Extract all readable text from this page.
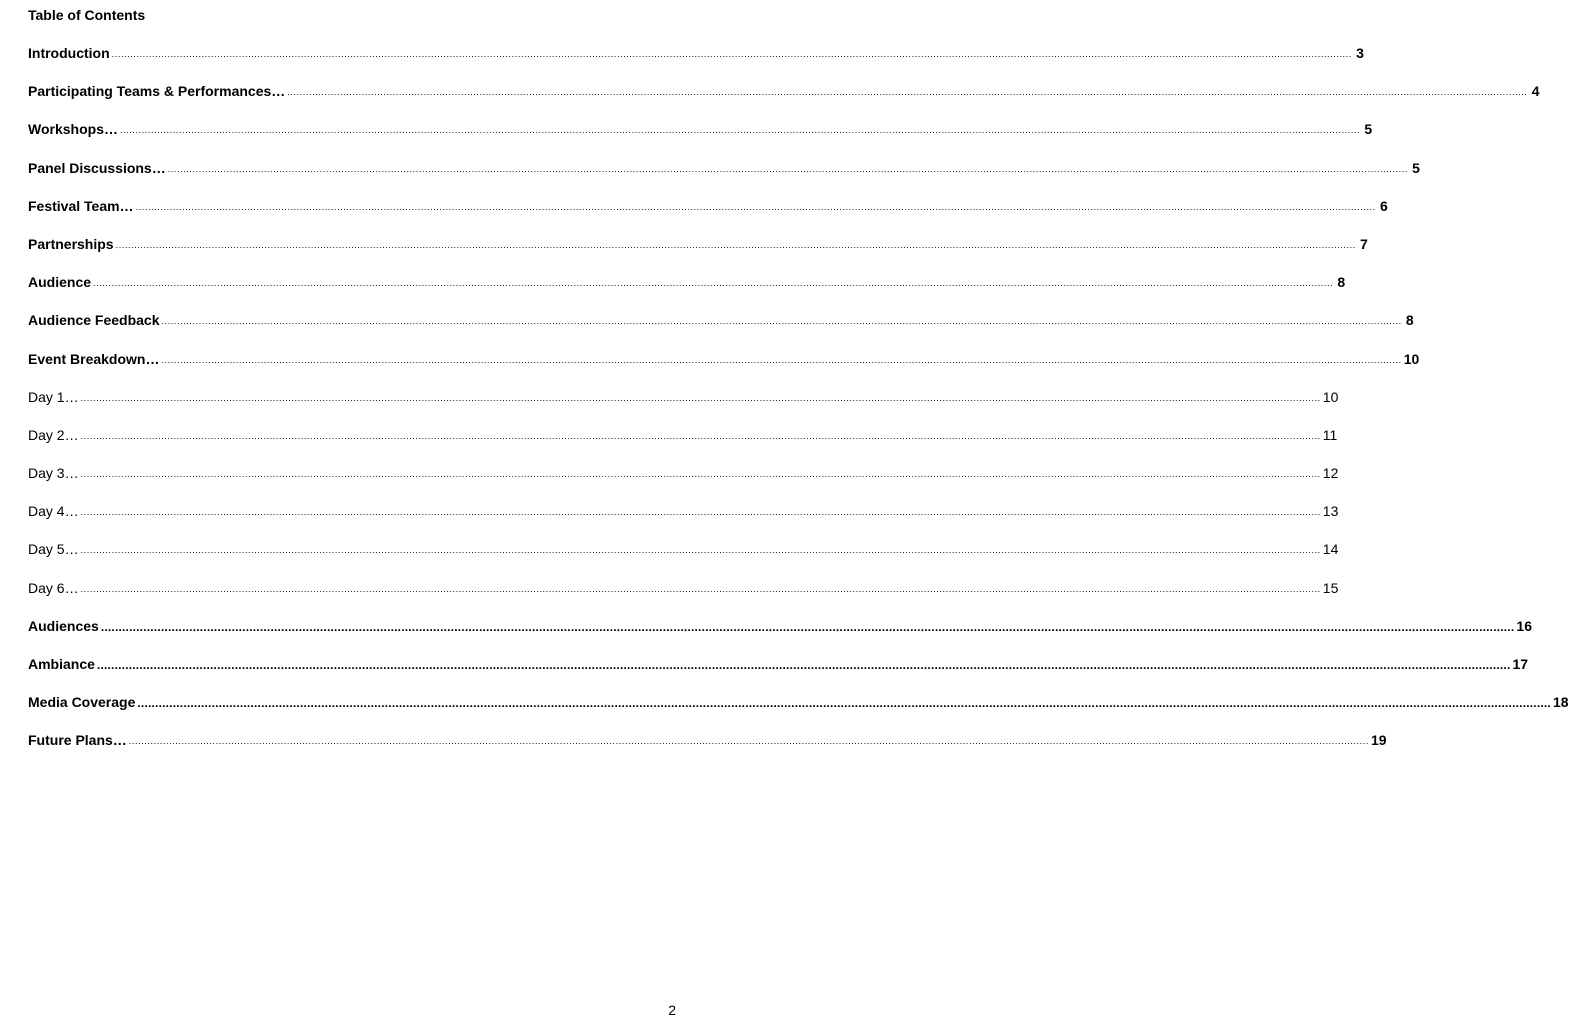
Table of Contents
Introduction ................................................................................................................................................................................................................................................................................................................................................................................................................ 3
Participating Teams & Performances… ................................................................................................................................................................................................................................................................................................................................................................................................................ 4
Workshops… ................................................................................................................................................................................................................................................................................................................................................................................................................ 5
Panel Discussions… ................................................................................................................................................................................................................................................................................................................................................................................................................ 5
Festival Team… ................................................................................................................................................................................................................................................................................................................................................................................................................ 6
Partnerships ................................................................................................................................................................................................................................................................................................................................................................................................................ 7
Audience ................................................................................................................................................................................................................................................................................................................................................................................................................ 8
Audience Feedback ................................................................................................................................................................................................................................................................................................................................................................................................................ 8
Event Breakdown… ................................................................................................................................................................................................................................................................................................................................................................................................................ 10
Day 1… ................................................................................................................................................................................................................................................................................................................................................................................................................ 10
Day 2… ................................................................................................................................................................................................................................................................................................................................................................................................................ 11
Day 3… ................................................................................................................................................................................................................................................................................................................................................................................................................ 12
Day 4… ................................................................................................................................................................................................................................................................................................................................................................................................................ 13
Day 5… ................................................................................................................................................................................................................................................................................................................................................................................................................ 14
Day 6… ................................................................................................................................................................................................................................................................................................................................................................................................................ 15
Audiences ................................................................................................................................................................................................................................................................................................................................................................................................................ 16
Ambiance ................................................................................................................................................................................................................................................................................................................................................................................................................ 17
Media Coverage ................................................................................................................................................................................................................................................................................................................................................................................................................ 18
Future Plans… ................................................................................................................................................................................................................................................................................................................................................................................................................ 19
2
